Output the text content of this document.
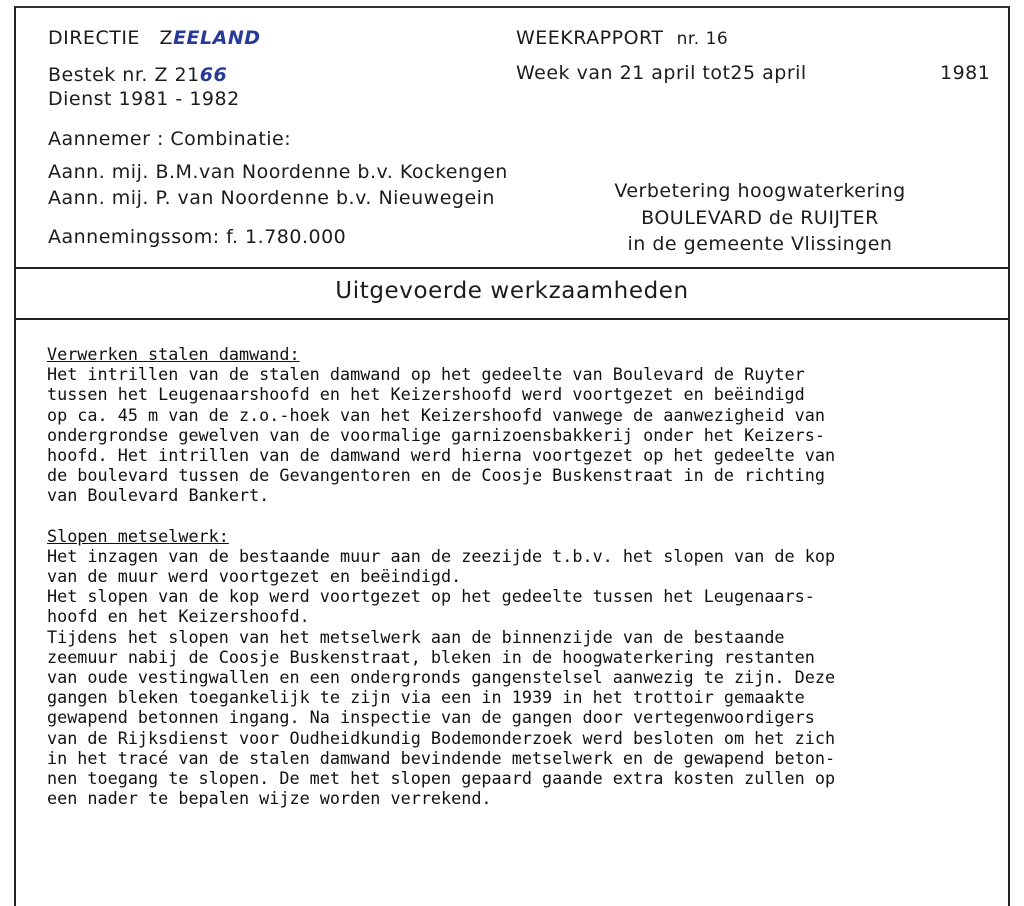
DIRECTIE ZEELAND
Bestek nr. Z 2166
Dienst 1981 - 1982
Aannemer : Combinatie:
Aann. mij. B.M.van Noordenne b.v. Kockengen
Aann. mij. P. van Noordenne b.v. Nieuwegein
Aannemingssom: f. 1.780.000
WEEKRAPPORT nr. 16
Week van 21 april tot25 april	1981
Verbetering hoogwaterkering
BOULEVARD de RUIJTER
in de gemeente Vlissingen
Uitgevoerde werkzaamheden
Verwerken stalen damwand:
Het intrillen van de stalen damwand op het gedeelte van Boulevard de Ruyter
tussen het Leugenaarshoofd en het Keizershoofd werd voortgezet en beëindigd
op ca. 45 m van de z.o.-hoek van het Keizershoofd vanwege de aanwezigheid van
ondergrondse gewelven van de voormalige garnizoensbakkerij onder het Keizers-
hoofd. Het intrillen van de damwand werd hierna voortgezet op het gedeelte van
de boulevard tussen de Gevangentoren en de Coosje Buskenstraat in de richting
van Boulevard Bankert.
Slopen metselwerk:
Het inzagen van de bestaande muur aan de zeezijde t.b.v. het slopen van de kop
van de muur werd voortgezet en beëindigd.
Het slopen van de kop werd voortgezet op het gedeelte tussen het Leugenaars-
hoofd en het Keizershoofd.
Tijdens het slopen van het metselwerk aan de binnenzijde van de bestaande
zeemuur nabij de Coosje Buskenstraat, bleken in de hoogwaterkering restanten
van oude vestingwallen en een ondergronds gangenstelsel aanwezig te zijn. Deze
gangen bleken toegankelijk te zijn via een in 1939 in het trottoir gemaakte
gewapend betonnen ingang. Na inspectie van de gangen door vertegenwoordigers
van de Rijksdienst voor Oudheidkundig Bodemonderzoek werd besloten om het zich
in het tracé van de stalen damwand bevindende metselwerk en de gewapend beton-
nen toegang te slopen. De met het slopen gepaard gaande extra kosten zullen op
een nader te bepalen wijze worden verrekend.
